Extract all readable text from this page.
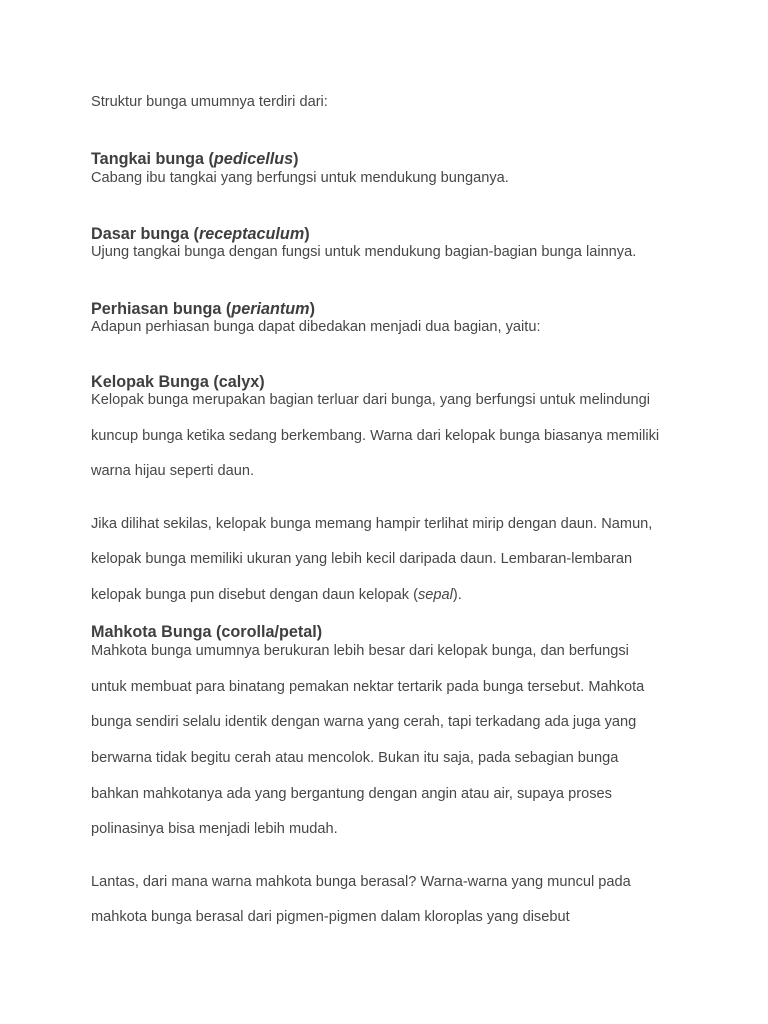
Struktur bunga umumnya terdiri dari:

Tangkai bunga (pedicellus)

Cabang ibu tangkai yang berfungsi untuk mendukung bunganya.

Dasar bunga (receptaculum)

Ujung tangkai bunga dengan fungsi untuk mendukung bagian-bagian bunga lainnya.

Perhiasan bunga (periantum)

Adapun perhiasan bunga dapat dibedakan menjadi dua bagian, yaitu:

Kelopak Bunga (calyx)

Kelopak bunga merupakan bagian terluar dari bunga, yang berfungsi untuk melindungi

kuncup bunga ketika sedang berkembang. Warna dari kelopak bunga biasanya memiliki

warna hijau seperti daun.

Jika dilihat sekilas, kelopak bunga memang hampir terlihat mirip dengan daun. Namun,

kelopak bunga memiliki ukuran yang lebih kecil daripada daun. Lembaran-lembaran

kelopak bunga pun disebut dengan daun kelopak (sepal).

Mahkota Bunga (corolla/petal)

Mahkota bunga umumnya berukuran lebih besar dari kelopak bunga, dan berfungsi

untuk membuat para binatang pemakan nektar tertarik pada bunga tersebut. Mahkota

bunga sendiri selalu identik dengan warna yang cerah, tapi terkadang ada juga yang

berwarna tidak begitu cerah atau mencolok. Bukan itu saja, pada sebagian bunga

bahkan mahkotanya ada yang bergantung dengan angin atau air, supaya proses

polinasinya bisa menjadi lebih mudah.

Lantas, dari mana warna mahkota bunga berasal? Warna-warna yang muncul pada

mahkota bunga berasal dari pigmen-pigmen dalam kloroplas yang disebut
